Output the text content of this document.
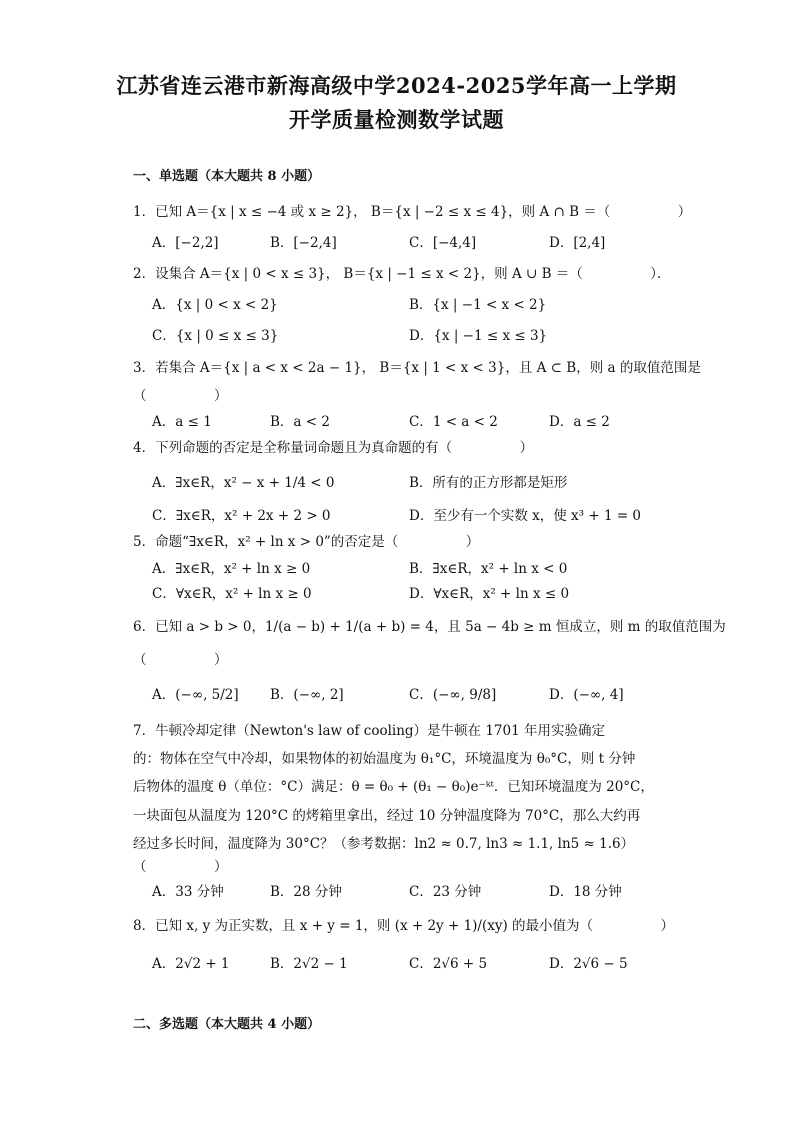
江苏省连云港市新海高级中学2024-2025学年高一上学期
开学质量检测数学试题
一、单选题（本大题共 8 小题）
1．已知 A＝{x | x ≤ −4 或 x ≥ 2}， B＝{x | −2 ≤ x ≤ 4}，则 A ∩ B ＝（　　　　　）
A．[−2,2]	B．[−2,4]	C．[−4,4]	D．[2,4]
2．设集合 A＝{x | 0 < x ≤ 3}， B＝{x | −1 ≤ x < 2}，则 A ∪ B ＝（　　　　　）．
A．{x | 0 < x < 2}	B．{x | −1 < x < 2}
C．{x | 0 ≤ x ≤ 3}	D．{x | −1 ≤ x ≤ 3}
3．若集合 A＝{x | a < x < 2a − 1}， B＝{x | 1 < x < 3}，且 A ⊂ B，则 a 的取值范围是
（　　　　　）
A．a ≤ 1	B．a < 2	C．1 < a < 2	D．a ≤ 2
4．下列命题的否定是全称量词命题且为真命题的有（　　　　　）
A．∃x∈R，x² − x + 1/4 < 0	B．所有的正方形都是矩形
C．∃x∈R，x² + 2x + 2 > 0	D．至少有一个实数 x，使 x³ + 1 = 0
5．命题“∃x∈R，x² + ln x > 0”的否定是（　　　　　）
A．∃x∈R，x² + ln x ≥ 0	B．∃x∈R，x² + ln x < 0
C．∀x∈R，x² + ln x ≥ 0	D．∀x∈R，x² + ln x ≤ 0
6．已知 a > b > 0，1/(a − b) + 1/(a + b) = 4，且 5a − 4b ≥ m 恒成立，则 m 的取值范围为
（　　　　　）
A．(−∞, 5/2] B．(−∞, 2]	C．(−∞, 9/8]	D．(−∞, 4]
7．牛顿冷却定律（Newton's law of cooling）是牛顿在 1701 年用实验确定
的：物体在空气中冷却，如果物体的初始温度为 θ₁°C，环境温度为 θ₀°C，则 t 分钟
后物体的温度 θ（单位：°C）满足：θ = θ₀ + (θ₁ − θ₀)e⁻ᵏᵗ．已知环境温度为 20°C，
一块面包从温度为 120°C 的烤箱里拿出，经过 10 分钟温度降为 70°C，那么大约再
经过多长时间，温度降为 30°C？（参考数据：ln2 ≈ 0.7, ln3 ≈ 1.1, ln5 ≈ 1.6）
（　　　　　）
A．33 分钟	B．28 分钟	C．23 分钟	D．18 分钟
8．已知 x, y 为正实数，且 x + y = 1，则 (x + 2y + 1)/(xy) 的最小值为（　　　　　）
A．2√2 + 1	B．2√2 − 1	C．2√6 + 5	D．2√6 − 5
二、多选题（本大题共 4 小题）
